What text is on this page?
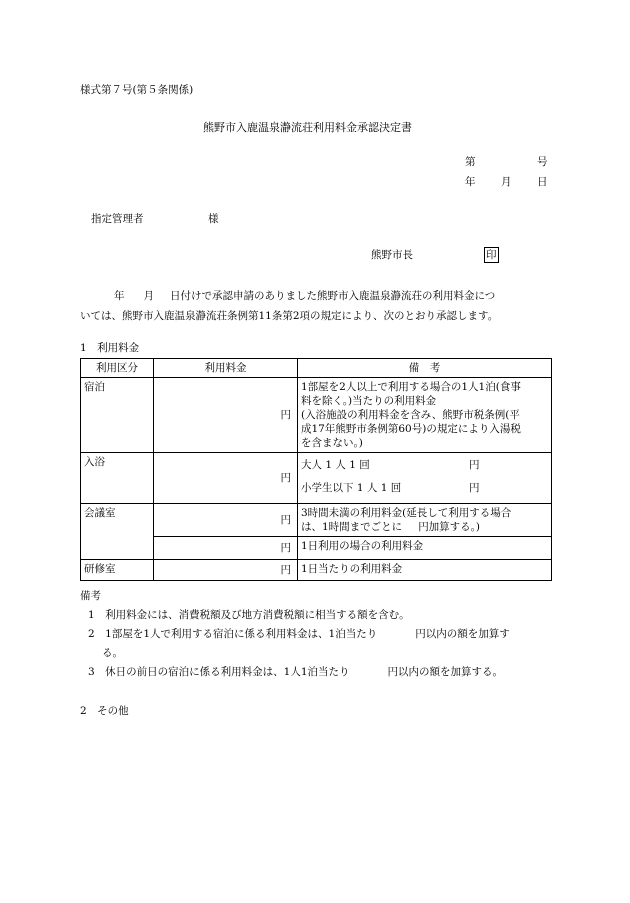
様式第７号(第５条関係)
熊野市入鹿温泉瀞流荘利用料金承認決定書
第	号
年 月 日
指定管理者	様
熊野市長	印
年 月 日付けで承認申請のありました熊野市入鹿温泉瀞流荘の利用料金につ
いては、熊野市入鹿温泉瀞流荘条例第11条第2項の規定により、次のとおり承認します。
1　利用料金
利用区分	利用料金	備　考
宿泊	円	1部屋を2人以上で利用する場合の1人1泊(食事
料を除く。)当たりの利用料金
(入浴施設の利用料金を含み、熊野市税条例(平
成17年熊野市条例第60号)の規定により入湯税
を含まない。)

入浴	円	大人 1 人 1 回 円
小学生以下 1 人 1 回 円

会議室	円	3時間未満の利用料金(延長して利用する場合
は、1時間までごとに 円加算する。)

	円	1日利用の場合の利用料金
研修室	円	1日当たりの利用料金
備考
1　利用料金には、消費税額及び地方消費税額に相当する額を含む。
2　1部屋を1人で利用する宿泊に係る利用料金は、1泊当たり	円以内の額を加算す
る。
3　休日の前日の宿泊に係る利用料金は、1人1泊当たり	円以内の額を加算する。
2　その他
